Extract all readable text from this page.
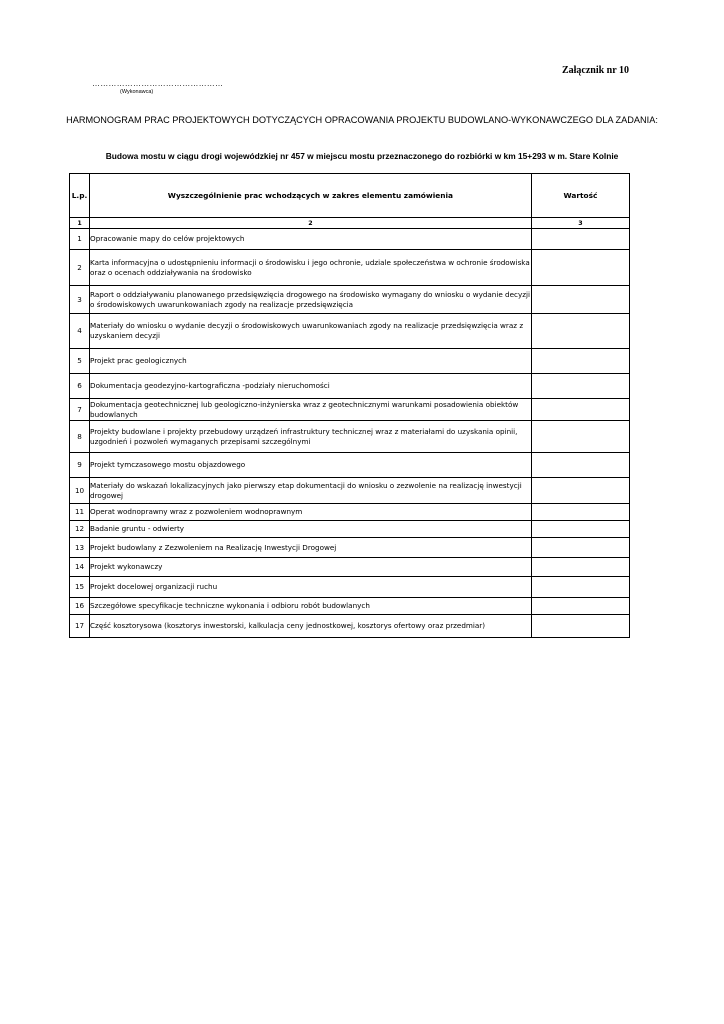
Załącznik nr 10
…………………………………………
(Wykonawca)
HARMONOGRAM PRAC PROJEKTOWYCH DOTYCZĄCYCH OPRACOWANIA PROJEKTU BUDOWLANO-WYKONAWCZEGO DLA ZADANIA:
Budowa mostu w ciągu drogi wojewódzkiej nr 457 w miejscu mostu przeznaczonego do rozbiórki w km 15+293 w m. Stare Kolnie
L.p.	Wyszczególnienie prac wchodzących w zakres elementu zamówienia	Wartość
1	2	3
1	Opracowanie mapy do celów projektowych	
2	Karta informacyjna o udostępnieniu informacji o środowisku i jego ochronie, udziale społeczeństwa w ochronie środowiska oraz o ocenach oddziaływania na środowisko	
3	Raport o oddziaływaniu planowanego przedsięwzięcia drogowego na środowisko wymagany do wniosku o wydanie decyzji o środowiskowych uwarunkowaniach zgody na realizacje przedsięwzięcia	
4	Materiały do wniosku o wydanie decyzji o środowiskowych uwarunkowaniach zgody na realizacje przedsięwzięcia wraz z uzyskaniem decyzji	
5	Projekt prac geologicznych	
6	Dokumentacja geodezyjno-kartograficzna -podziały nieruchomości	
7	Dokumentacja geotechnicznej lub geologiczno-inżynierska wraz z geotechnicznymi warunkami posadowienia obiektów budowlanych	
8	Projekty budowlane i projekty przebudowy urządzeń infrastruktury technicznej wraz z materiałami do uzyskania opinii, uzgodnień i pozwoleń wymaganych przepisami szczególnymi	
9	Projekt tymczasowego mostu objazdowego	
10	Materiały do wskazań lokalizacyjnych jako pierwszy etap dokumentacji do wniosku o zezwolenie na realizację inwestycji drogowej	
11	Operat wodnoprawny wraz z pozwoleniem wodnoprawnym	
12	Badanie gruntu - odwierty	
13	Projekt budowlany z Zezwoleniem na Realizację Inwestycji Drogowej	
14	Projekt wykonawczy	
15	Projekt docelowej organizacji ruchu	
16	Szczegółowe specyfikacje techniczne wykonania i odbioru robót budowlanych	
17	Część kosztorysowa (kosztorys inwestorski, kalkulacja ceny jednostkowej, kosztorys ofertowy oraz przedmiar)	
